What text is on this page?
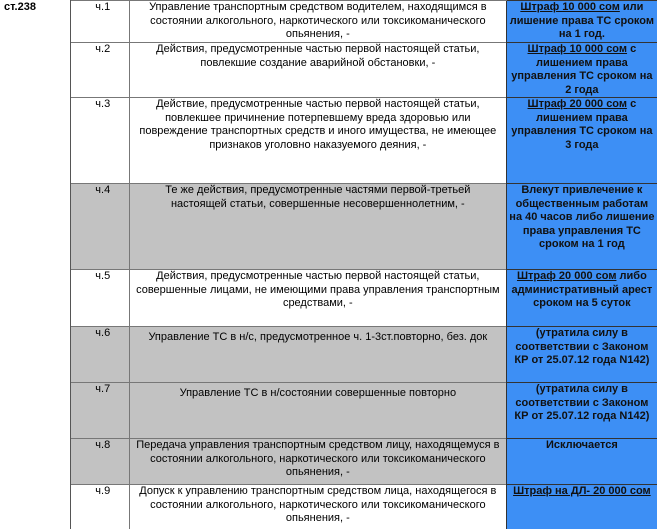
ст.238	ч.1	Управление транспортным средством водителем, находящимся в состоянии алкогольного, наркотического или токсикоманического опьянения, -	Штраф 10 000 сом или лишение права ТС сроком на 1 год.
	ч.2	Действия, предусмотренные частью первой настоящей статьи, повлекшие создание аварийной обстановки, -	Штраф 10 000 сом с лишением права управления ТС сроком на 2 года
	ч.3	Действие, предусмотренные частью первой настоящей статьи, повлекшее причинение потерпевшему вреда здоровью или повреждение транспортных средств и иного имущества, не имеющее признаков уголовно наказуемого деяния, -	Штраф 20 000 сом с лишением права управления ТС сроком на 3 года
	ч.4	Те же действия, предусмотренные частями первой-третьей настоящей статьи, совершенные несовершеннолетним, -	Влекут привлечение к общественным работам на 40 часов либо лишение права управления ТС сроком на 1 год
	ч.5	Действия, предусмотренные частью первой настоящей статьи, совершенные лицами, не имеющими права управления транспортным средствами, -	Штраф 20 000 сом либо административный арест сроком на 5 суток
	ч.6	Управление ТС в н/с, предусмотренное ч. 1-3ст.повторно, без. док	(утратила силу в соответствии с Законом КР от 25.07.12 года N142)
	ч.7	Управление ТС в н/состоянии совершенные повторно	(утратила силу в соответствии с Законом КР от 25.07.12 года N142)
	ч.8	Передача управления транспортным средством лицу, находящемуся в состоянии алкогольного, наркотического или токсикоманического опьянения, -	Исключается
	ч.9	Допуск к управлению транспортным средством лица, находящегося в состоянии алкогольного, наркотического или токсикоманического опьянения, -	Штраф на ДЛ- 20 000 сом
